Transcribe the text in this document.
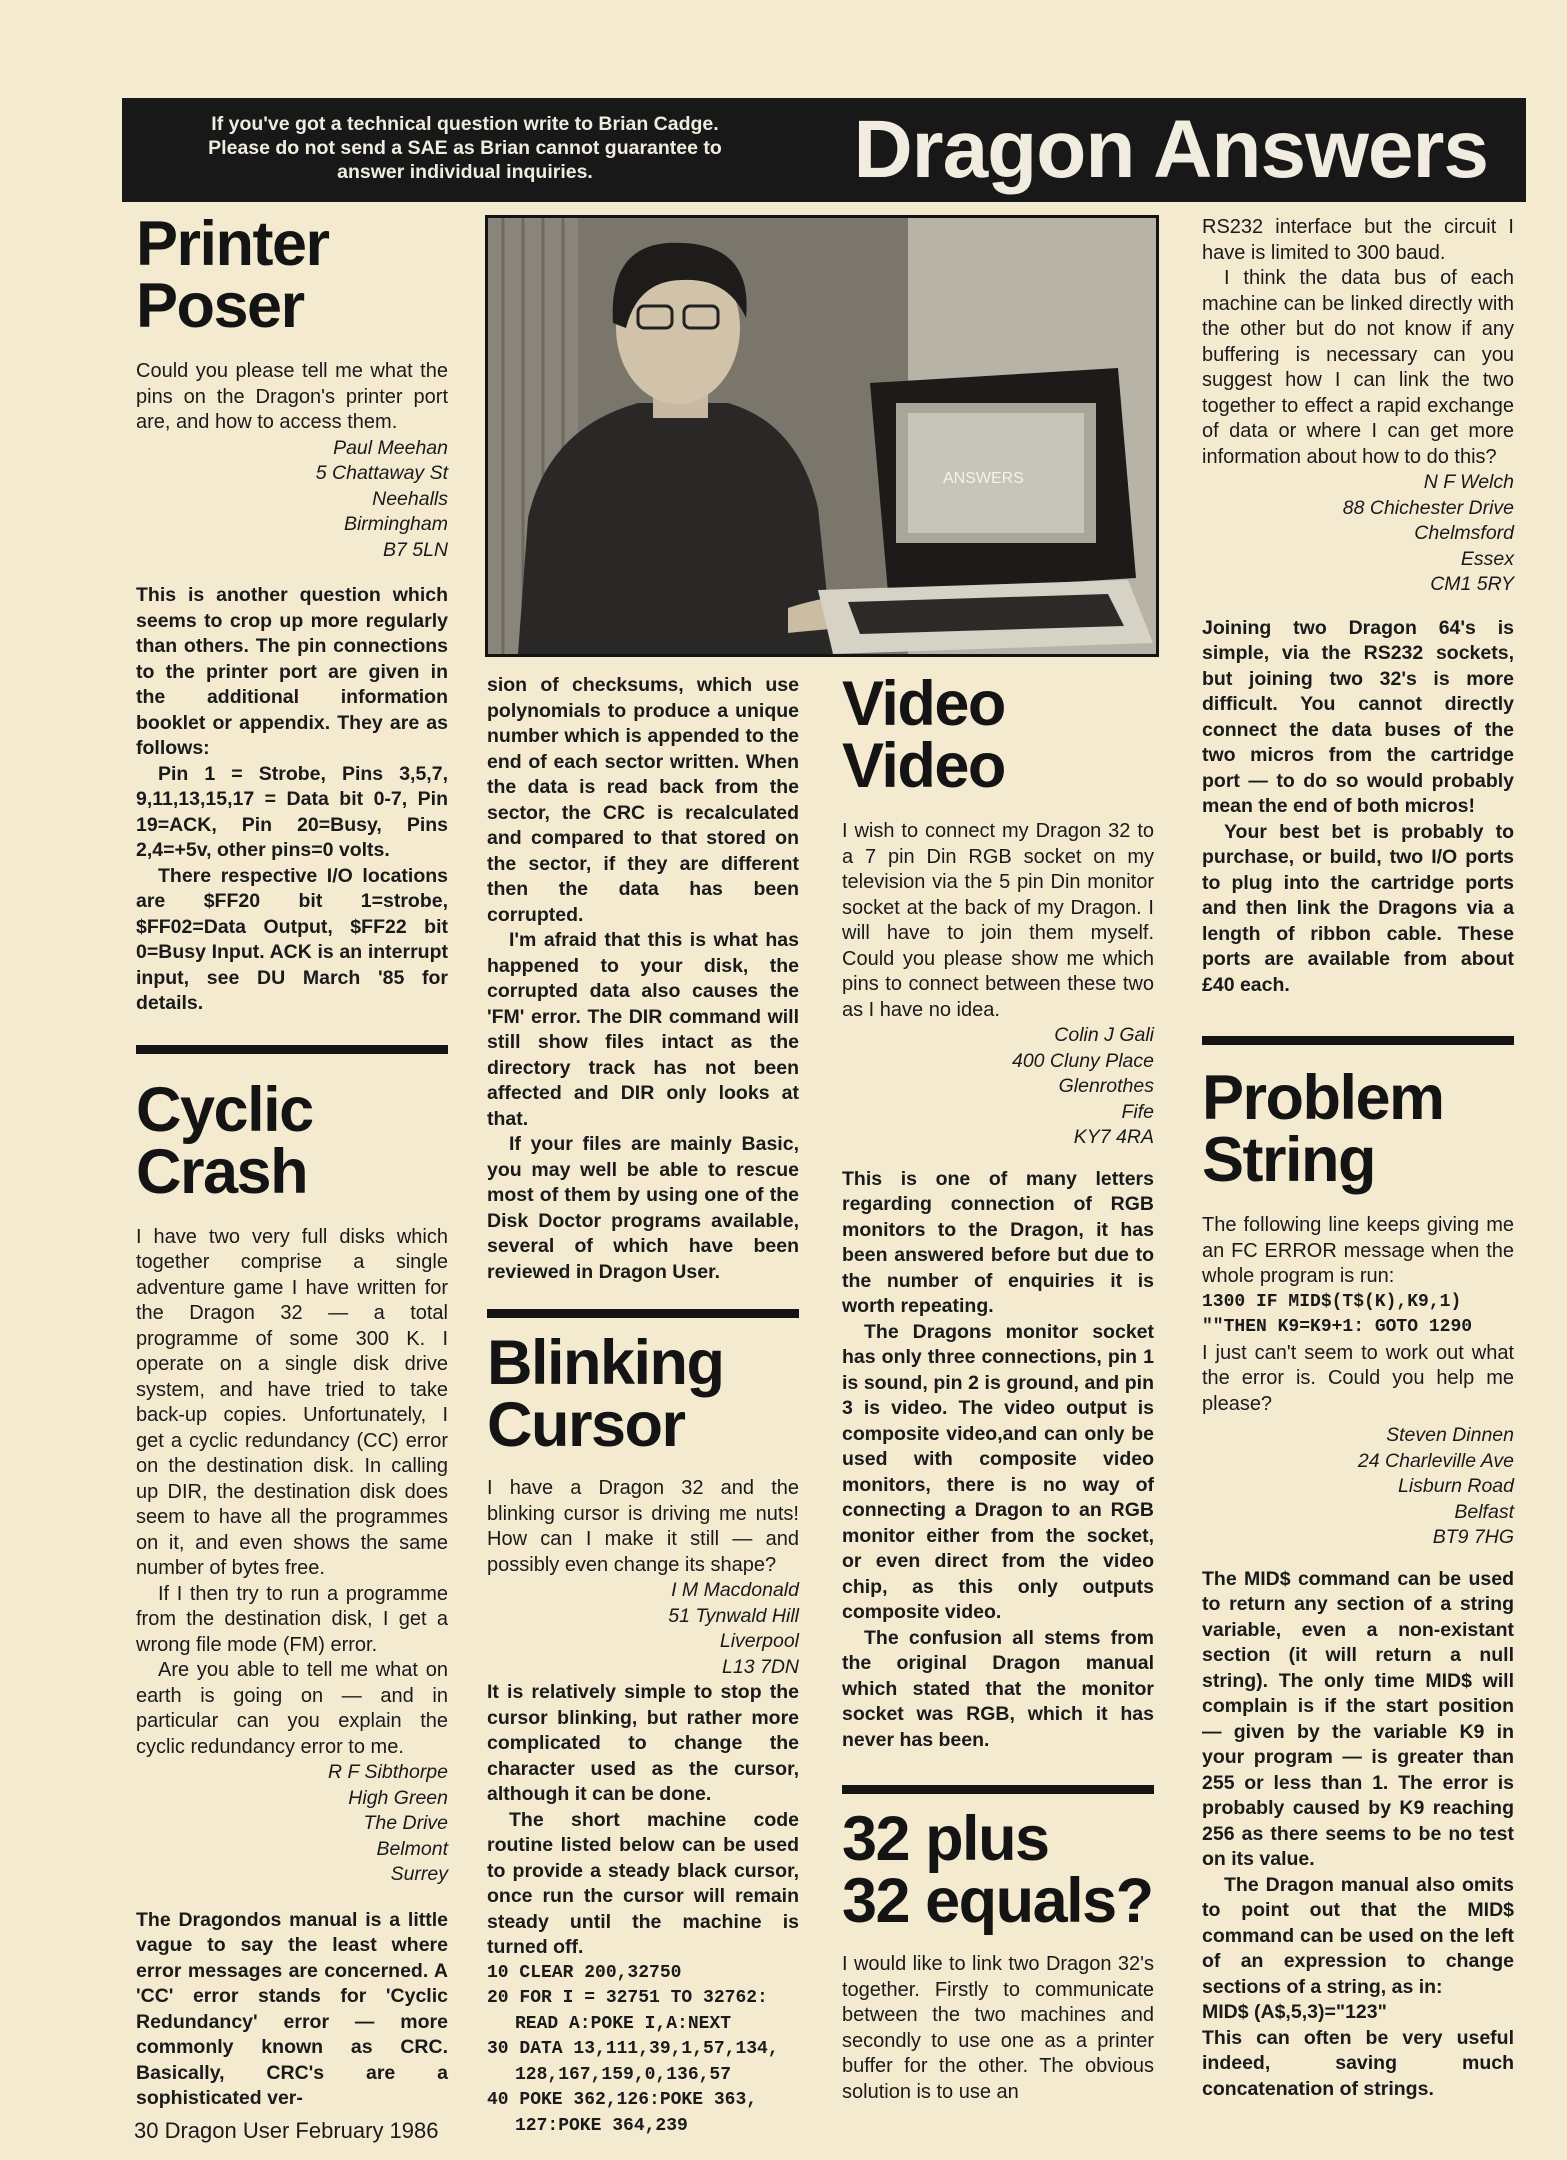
If you've got a technical question write to Brian Cadge.
Please do not send a SAE as Brian cannot guarantee to
answer individual inquiries.	Dragon Answers
ANSWERS
Printer
Poser

Could you please tell me what the pins on the Dragon's printer port are, and how to access them.

Paul Meehan
5 Chattaway St
Neehalls
Birmingham
B7 5LN

This is another question which seems to crop up more regularly than others. The pin connections to the printer port are given in the additional information booklet or appendix. They are as follows:

Pin 1 = Strobe, Pins 3,5,7, 9,11,13,15,17 = Data bit 0-7, Pin 19=ACK, Pin 20=Busy, Pins 2,4=+5v, other pins=0 volts.

There respective I/O locations are $FF20 bit 1=strobe, $FF02=Data Output, $FF22 bit 0=Busy Input. ACK is an interrupt input, see DU March '85 for details.

Cyclic
Crash

I have two very full disks which together comprise a single adventure game I have written for the Dragon 32 — a total programme of some 300 K. I operate on a single disk drive system, and have tried to take back-up copies. Unfortunately, I get a cyclic redundancy (CC) error on the destination disk. In calling up DIR, the destination disk does seem to have all the programmes on it, and even shows the same number of bytes free.

If I then try to run a programme from the destination disk, I get a wrong file mode (FM) error.

Are you able to tell me what on earth is going on — and in particular can you explain the cyclic redundancy error to me.

R F Sibthorpe
High Green
The Drive
Belmont
Surrey

The Dragondos manual is a little vague to say the least where error messages are concerned. A 'CC' error stands for 'Cyclic Redundancy' error — more commonly known as CRC. Basically, CRC's are a sophisticated ver-

sion of checksums, which use polynomials to produce a unique number which is appended to the end of each sector written. When the data is read back from the sector, the CRC is recalculated and compared to that stored on the sector, if they are different then the data has been corrupted.

I'm afraid that this is what has happened to your disk, the corrupted data also causes the 'FM' error. The DIR command will still show files intact as the directory track has not been affected and DIR only looks at that.

If your files are mainly Basic, you may well be able to rescue most of them by using one of the Disk Doctor programs available, several of which have been reviewed in Dragon User.

Blinking
Cursor

I have a Dragon 32 and the blinking cursor is driving me nuts! How can I make it still — and possibly even change its shape?

I M Macdonald
51 Tynwald Hill
Liverpool
L13 7DN

It is relatively simple to stop the cursor blinking, but rather more complicated to change the character used as the cursor, although it can be done.

The short machine code routine listed below can be used to provide a steady black cursor, once run the cursor will remain steady until the machine is turned off.

10 CLEAR 200,32750
20 FOR I = 32751 TO 32762:
READ A:POKE I,A:NEXT
30 DATA 13,111,39,1,57,134,
128,167,159,0,136,57
40 POKE 362,126:POKE 363,
127:POKE 364,239
Video
Video

I wish to connect my Dragon 32 to a 7 pin Din RGB socket on my television via the 5 pin Din monitor socket at the back of my Dragon. I will have to join them myself. Could you please show me which pins to connect between these two as I have no idea.

Colin J Gali
400 Cluny Place
Glenrothes
Fife
KY7 4RA

This is one of many letters regarding connection of RGB monitors to the Dragon, it has been answered before but due to the number of enquiries it is worth repeating.

The Dragons monitor socket has only three connections, pin 1 is sound, pin 2 is ground, and pin 3 is video. The video output is composite video,and can only be used with composite video monitors, there is no way of connecting a Dragon to an RGB monitor either from the socket, or even direct from the video chip, as this only outputs composite video.

The confusion all stems from the original Dragon manual which stated that the monitor socket was RGB, which it has never has been.

32 plus
32 equals?

I would like to link two Dragon 32's together. Firstly to communicate between the two machines and secondly to use one as a printer buffer for the other. The obvious solution is to use an

RS232 interface but the circuit I have is limited to 300 baud.

I think the data bus of each machine can be linked directly with the other but do not know if any buffering is necessary can you suggest how I can link the two together to effect a rapid exchange of data or where I can get more information about how to do this?

N F Welch
88 Chichester Drive
Chelmsford
Essex
CM1 5RY

Joining two Dragon 64's is simple, via the RS232 sockets, but joining two 32's is more difficult. You cannot directly connect the data buses of the two micros from the cartridge port — to do so would probably mean the end of both micros!

Your best bet is probably to purchase, or build, two I/O ports to plug into the cartridge ports and then link the Dragons via a length of ribbon cable. These ports are available from about £40 each.

Problem
String

The following line keeps giving me an FC ERROR message when the whole program is run:

1300 IF MID$(T$(K),K9,1)
""THEN K9=K9+1: GOTO 1290

I just can't seem to work out what the error is. Could you help me please?

Steven Dinnen
24 Charleville Ave
Lisburn Road
Belfast
BT9 7HG

The MID$ command can be used to return any section of a string variable, even a non-existant section (it will return a null string). The only time MID$ will complain is if the start position — given by the variable K9 in your program — is greater than 255 or less than 1. The error is probably caused by K9 reaching 256 as there seems to be no test on its value.

The Dragon manual also omits to point out that the MID$ command can be used on the left of an expression to change sections of a string, as in:

MID$ (A$,5,3)="123"

This can often be very useful indeed, saving much concatenation of strings.

30 Dragon User February 1986
